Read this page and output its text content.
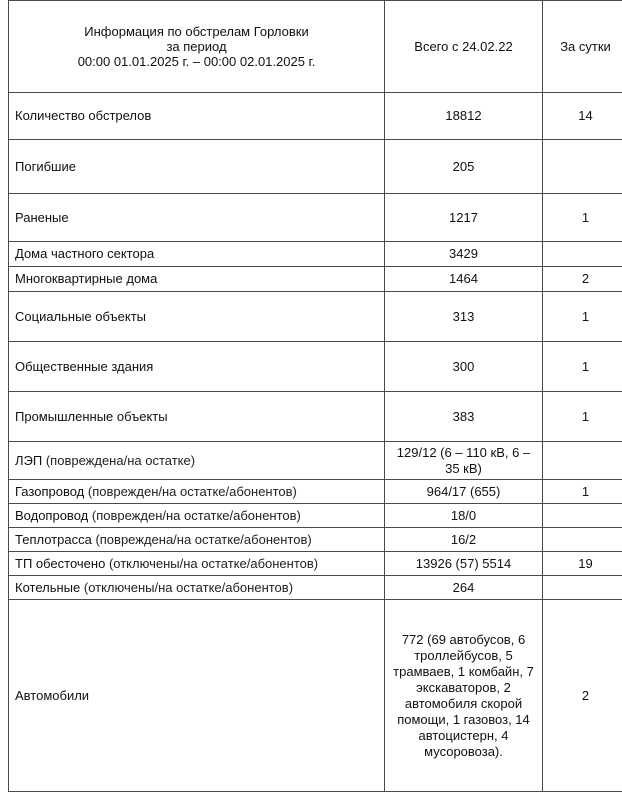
Информация по обстрелам Горловки
за период
00:00 01.01.2025 г. – 00:00 02.01.2025 г.	Всего с 24.02.22	За сутки
Количество обстрелов	18812	14
Погибшие	205	
Раненые	1217	1
Дома частного сектора	3429	
Многоквартирные дома	1464	2
Социальные объекты	313	1
Общественные здания	300	1
Промышленные объекты	383	1
ЛЭП (повреждена/на остатке)	129/12 (6 – 110 кВ, 6 – 35 кВ)	
Газопровод (поврежден/на остатке/абонентов)	964/17 (655)	1
Водопровод (поврежден/на остатке/абонентов)	18/0	
Теплотрасса (повреждена/на остатке/абонентов)	16/2	
ТП обесточено (отключены/на остатке/абонентов)	13926 (57) 5514	19
Котельные (отключены/на остатке/абонентов)	264	
Автомобили	772 (69 автобусов, 6 троллейбусов, 5 трамваев, 1 комбайн, 7 экскаваторов, 2 автомобиля скорой помощи, 1 газовоз, 14 автоцистерн, 4 мусоровоза).	2
